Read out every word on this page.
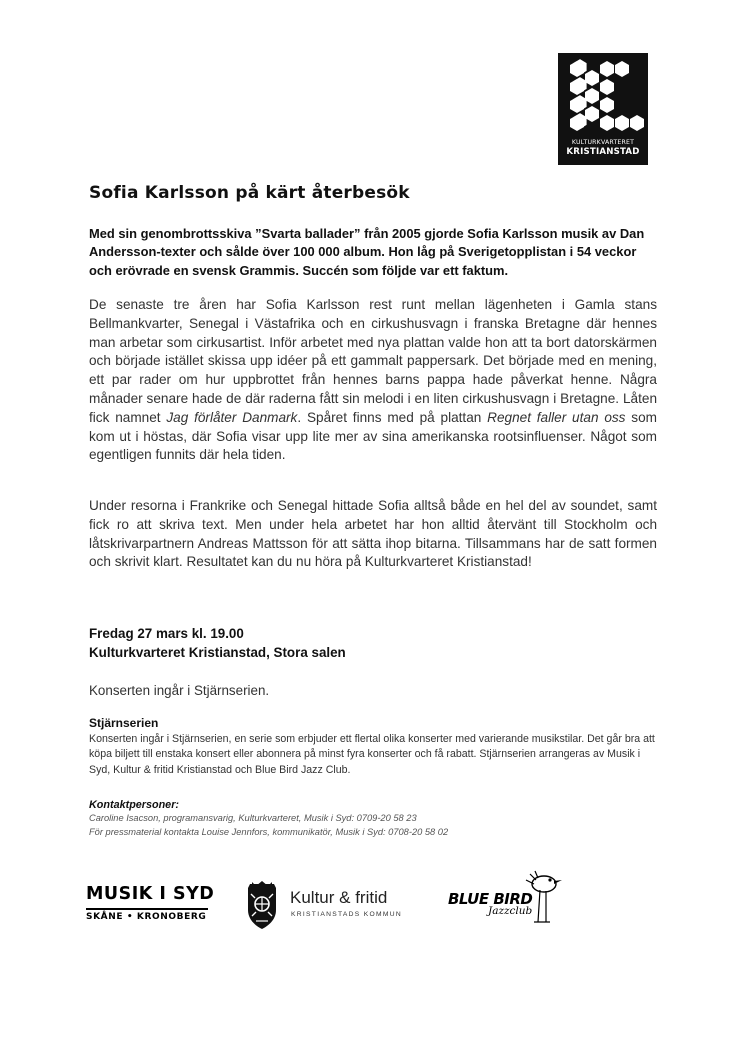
KULTURKVARTERET
KRISTIANSTAD
Sofia Karlsson på kärt återbesök

Med sin genombrottsskiva ”Svarta ballader” från 2005 gjorde Sofia Karlsson musik av Dan Andersson-texter och sålde över 100 000 album. Hon låg på Sverigetopplistan i 54 veckor och erövrade en svensk Grammis. Succén som följde var ett faktum.

De senaste tre åren har Sofia Karlsson rest runt mellan lägenheten i Gamla stans Bellmankvarter, Senegal i Västafrika och en cirkushusvagn i franska Bretagne där hennes man arbetar som cirkusartist. Inför arbetet med nya plattan valde hon att ta bort datorskärmen och började istället skissa upp idéer på ett gammalt pappersark. Det började med en mening, ett par rader om hur uppbrottet från hennes barns pappa hade påverkat henne. Några månader senare hade de där raderna fått sin melodi i en liten cirkushusvagn i Bretagne. Låten fick namnet Jag förlåter Danmark. Spåret finns med på plattan Regnet faller utan oss som kom ut i höstas, där Sofia visar upp lite mer av sina amerikanska rootsinfluenser. Något som egentligen funnits där hela tiden.

Under resorna i Frankrike och Senegal hittade Sofia alltså både en hel del av soundet, samt fick ro att skriva text. Men under hela arbetet har hon alltid återvänt till Stockholm och låtskrivarpartnern Andreas Mattsson för att sätta ihop bitarna. Tillsammans har de satt formen och skrivit klart. Resultatet kan du nu höra på Kulturkvarteret Kristianstad!

Fredag 27 mars kl. 19.00
Kulturkvarteret Kristianstad, Stora salen
Konserten ingår i Stjärnserien.
Stjärnserien

Konserten ingår i Stjärnserien, en serie som erbjuder ett flertal olika konserter med varierande musikstilar. Det går bra att köpa biljett till enstaka konsert eller abonnera på minst fyra konserter och få rabatt. Stjärnserien arrangeras av Musik i Syd, Kultur & fritid Kristianstad och Blue Bird Jazz Club.

Kontaktpersoner:
Caroline Isacson, programansvarig, Kulturkvarteret, Musik i Syd: 0709-20 58 23
För pressmaterial kontakta Louise Jennfors, kommunikatör, Musik i Syd: 0708-20 58 02
MUSIK I SYD
SKÅNE • KRONOBERG
Kultur & fritid
KRISTIANSTADS KOMMUN
BLUE BIRD
Jazzclub
